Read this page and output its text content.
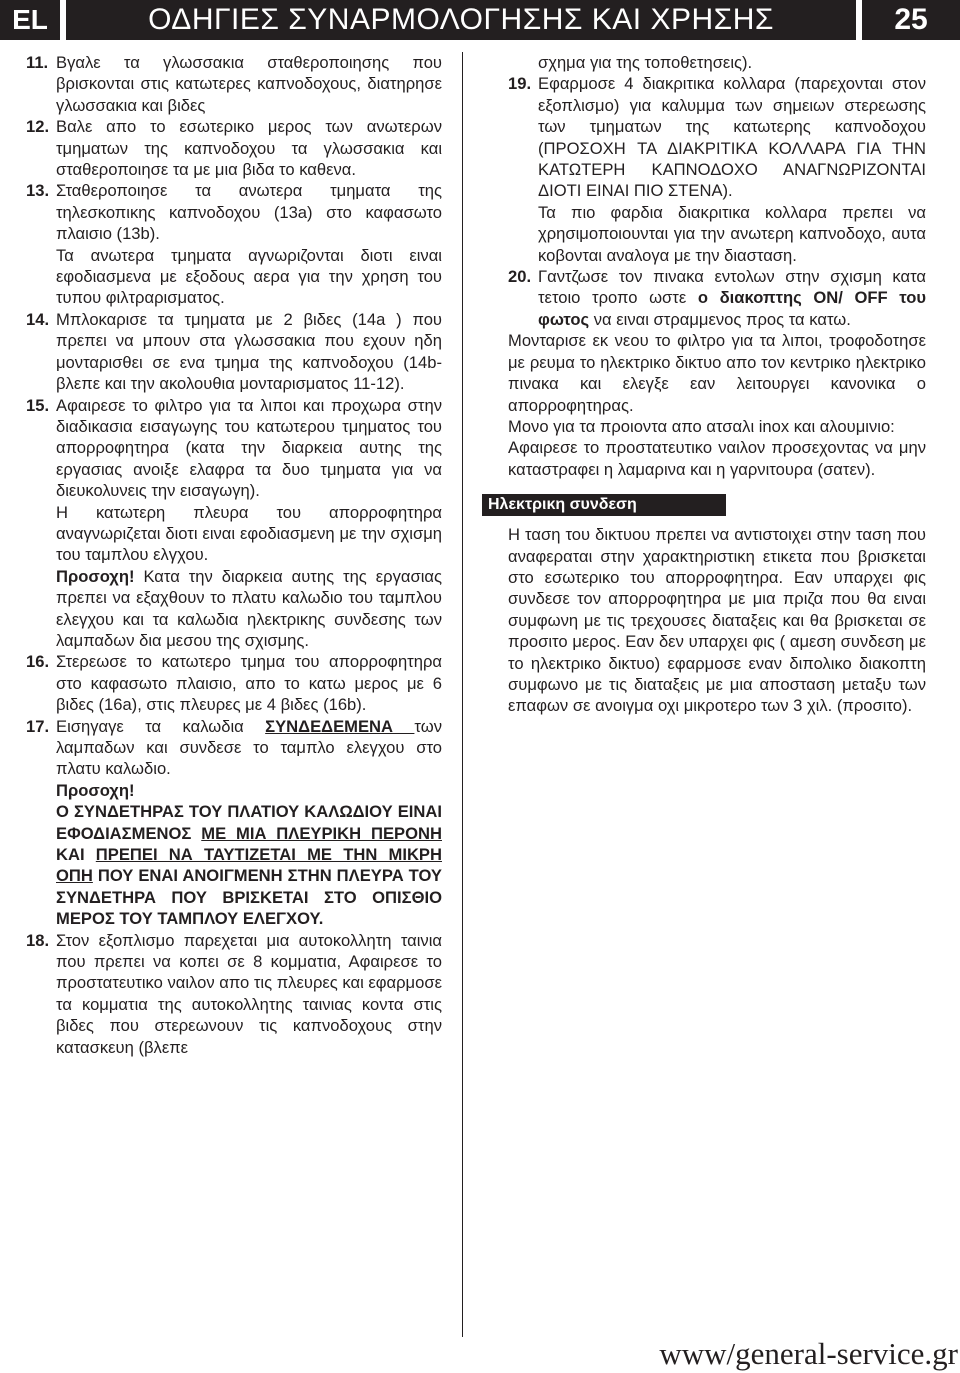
EL	ΟΔΗΓΙΕΣ ΣΥΝΑΡΜΟΛΟΓΗΣΗΣ ΚΑΙ ΧΡΗΣΗΣ	25
11. Βγαλε τα γλωσσακια σταθεροποιησης που βρισκονται στις κατωτερες καπνοδοχους, διατηρησε γλωσσακια και βιδες
12. Βαλε απο το εσωτερικο μερος των ανωτερων τμηματων της καπνοδοχου τα γλωσσακια και σταθεροποιησε τα με μια βιδα το καθενα.
13. Σταθεροποιησε τα ανωτερα τμηματα της τηλεσκοπικης καπνοδοχου (13a) στο καφασωτο πλαισιο (13b).
Τα ανωτερα τμηματα αγνωριζονται διοτι ειναι εφοδιασμενα με εξοδους αερα για την χρηση του τυπου φιλτραρισματος.
14. Μπλοκαρισε τα τμηματα με 2 βιδες (14a ) που πρεπει να μπουν στα γλωσσακια που εχουν ηδη μονταρισθει σε ενα τμημα της καπνοδοχου (14b- βλεπε και την ακολουθια μονταρισματος 11-12).
15. Αφαιρεσε το φιλτρο για τα λιποι και προχωρα στην διαδικασια εισαγωγης του κατωτερου τμηματος του απορροφητηρα (κατα την διαρκεια αυτης της εργασιας ανοιξε ελαφρα τα δυο τμηματα για να διευκολυνεις την εισαγωγη).
Η κατωτερη πλευρα του απορροφητηρα αναγνωριζεται διοτι ειναι εφοδιασμενη με την σχισμη του ταμπλου ελγχου.
Προσοχη! Κατα την διαρκεια αυτης της εργασιας πρεπει να εξαχθουν το πλατυ καλωδιο του ταμπλου ελεγχου και τα καλωδια ηλεκτρικης συνδεσης των λαμπαδων δια μεσου της σχισμης.
16. Στερεωσε το κατωτερο τμημα του απορροφητηρα στο καφασωτο πλαισιο, απο το κατω μερος με 6 βιδες (16a), στις πλευρες με 4 βιδες (16b).
17. Εισηγαγε τα καλωδια ΣΥΝΔΕΔΕΜΕΝΑ των λαμπαδων και συνδεσε το ταμπλο ελεγχου στο πλατυ καλωδιο.
Προσοχη!
Ο ΣΥΝΔΕΤΗΡΑΣ ΤΟΥ ΠΛΑΤΙΟΥ ΚΑΛΩΔΙΟΥ ΕΙΝΑΙ ΕΦΟΔΙΑΣΜΕΝΟΣ ΜΕ ΜΙΑ ΠΛΕΥΡΙΚΗ ΠΕΡΟΝΗ ΚΑΙ ΠΡΕΠΕΙ ΝΑ ΤΑΥΤΙΖΕΤΑΙ ΜΕ ΤΗΝ ΜΙΚΡΗ ΟΠΗ ΠΟΥ ΕΝΑΙ ΑΝΟΙΓΜΕΝΗ ΣΤΗΝ ΠΛΕΥΡΑ ΤΟΥ ΣΥΝΔΕΤΗΡΑ ΠΟΥ ΒΡΙΣΚΕΤΑΙ ΣΤΟ ΟΠΙΣΘΙΟ ΜΕΡΟΣ ΤΟΥ ΤΑΜΠΛΟΥ ΕΛΕΓΧΟΥ.
18. Στον εξοπλισμο παρεχεται μια αυτοκολλητη ταινια που πρεπει να κοπει σε 8 κομματια, Αφαιρεσε το προστατευτικο ναιλον απο τις πλευρες και εφαρμοσε τα κομματια της αυτοκολλητης ταινιας κοντα στις βιδες που στερεωνουν τις καπνοδοχους στην κατασκευη (βλεπε
σχημα για της τοποθετησεις).
19. Εφαρμοσε 4 διακριτικα κολλαρα (παρεχονται στον εξοπλισμο) για καλυμμα των σημειων στερεωσης των τμηματων της κατωτερης καπνοδοχου (ΠΡΟΣΟΧΗ ΤΑ ΔΙΑΚΡΙΤΙΚΑ ΚΟΛΛΑΡΑ ΓΙΑ ΤΗΝ ΚΑΤΩΤΕΡΗ ΚΑΠΝΟΔΟΧΟ ΑΝΑΓΝΩΡΙΖΟΝΤΑΙ ΔΙΟΤΙ ΕΙΝΑΙ ΠΙΟ ΣΤΕΝΑ).
Τα πιο φαρδια διακριτικα κολλαρα πρεπει να χρησιμοποιουνται για την ανωτερη καπνοδοχο, αυτα κοβονται αναλογα με την διασταση.
20. Γαντζωσε τον πινακα εντολων στην σχισμη κατα τετοιο τροπο ωστε ο διακοπτης ON/ OFF του φωτος να ειναι στραμμενος προς τα κατω.
Μονταρισε εκ νεου το φιλτρο για τα λιποι, τροφοδοτησε με ρευμα το ηλεκτρικο δικτυο απο τον κεντρικο ηλεκτρικο πινακα και ελεγξε εαν λειτουργει κανονικα ο απορροφητηρας.
Μονο για τα προιοντα απο ατσαλι inox και αλουμινιο:
Αφαιρεσε το προστατευτικο ναιλον προσεχοντας να μην καταστραφει η λαμαρινα και η γαρνιτουρα (σατεν).
Ηλεκτρικη συνδεση
Η ταση του δικτυου πρεπει να αντιστοιχει στην ταση που αναφεραται στην χαρακτηριστικη ετικετα που βρισκεται στο εσωτερικο του απορροφητηρα. Εαν υπαρχει φις συνδεσε τον απορροφητηρα με μια πριζα που θα ειναι συμφωνη με τις τρεχουσες διαταξεις και θα βρισκεται σε προσιτο μερος. Εαν δεν υπαρχει φις ( αμεση συνδεση με το ηλεκτρικο δικτυο) εφαρμοσε εναν διπολικο διακοπτη συμφωνο με τις διαταξεις με μια αποσταση μεταξυ των επαφων σε ανοιγμα οχι μικροτερο των 3 χιλ. (προσιτο).
www/general-service.gr
